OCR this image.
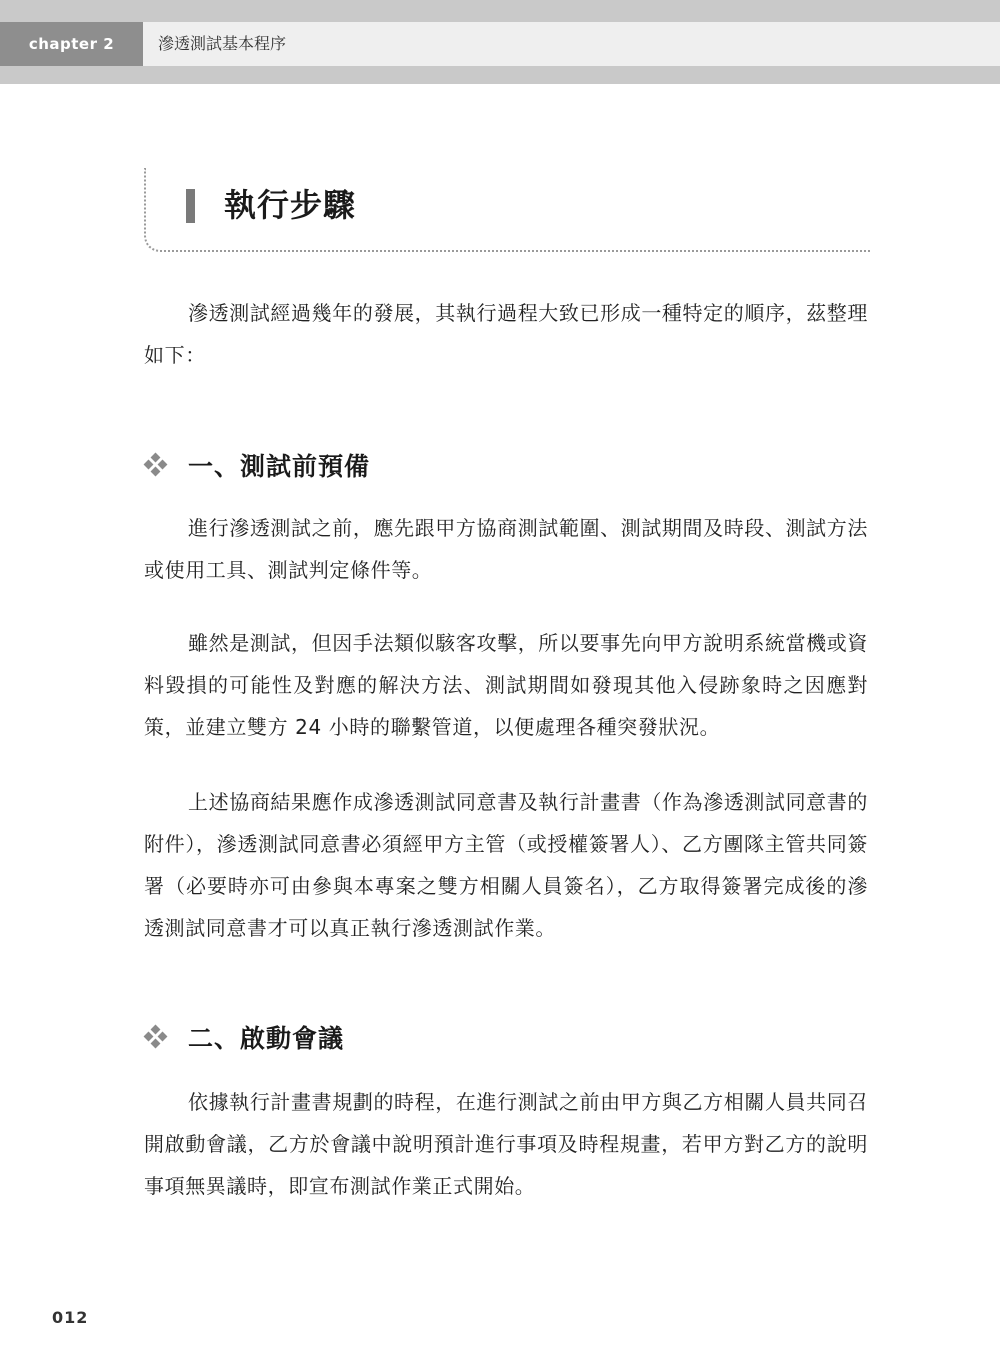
chapter 2	滲透測試基本程序
執行步驟

滲透測試經過幾年的發展，其執行過程大致已形成一種特定的順序，茲整理如下：

一、測試前預備

進行滲透測試之前，應先跟甲方協商測試範圍、測試期間及時段、測試方法或使用工具、測試判定條件等。

雖然是測試，但因手法類似駭客攻擊，所以要事先向甲方說明系統當機或資料毀損的可能性及對應的解決方法、測試期間如發現其他入侵跡象時之因應對策，並建立雙方 24 小時的聯繫管道，以便處理各種突發狀況。

上述協商結果應作成滲透測試同意書及執行計畫書（作為滲透測試同意書的附件），滲透測試同意書必須經甲方主管（或授權簽署人）、乙方團隊主管共同簽署（必要時亦可由參與本專案之雙方相關人員簽名），乙方取得簽署完成後的滲透測試同意書才可以真正執行滲透測試作業。

二、啟動會議

依據執行計畫書規劃的時程，在進行測試之前由甲方與乙方相關人員共同召開啟動會議，乙方於會議中說明預計進行事項及時程規畫，若甲方對乙方的說明事項無異議時，即宣布測試作業正式開始。

012
